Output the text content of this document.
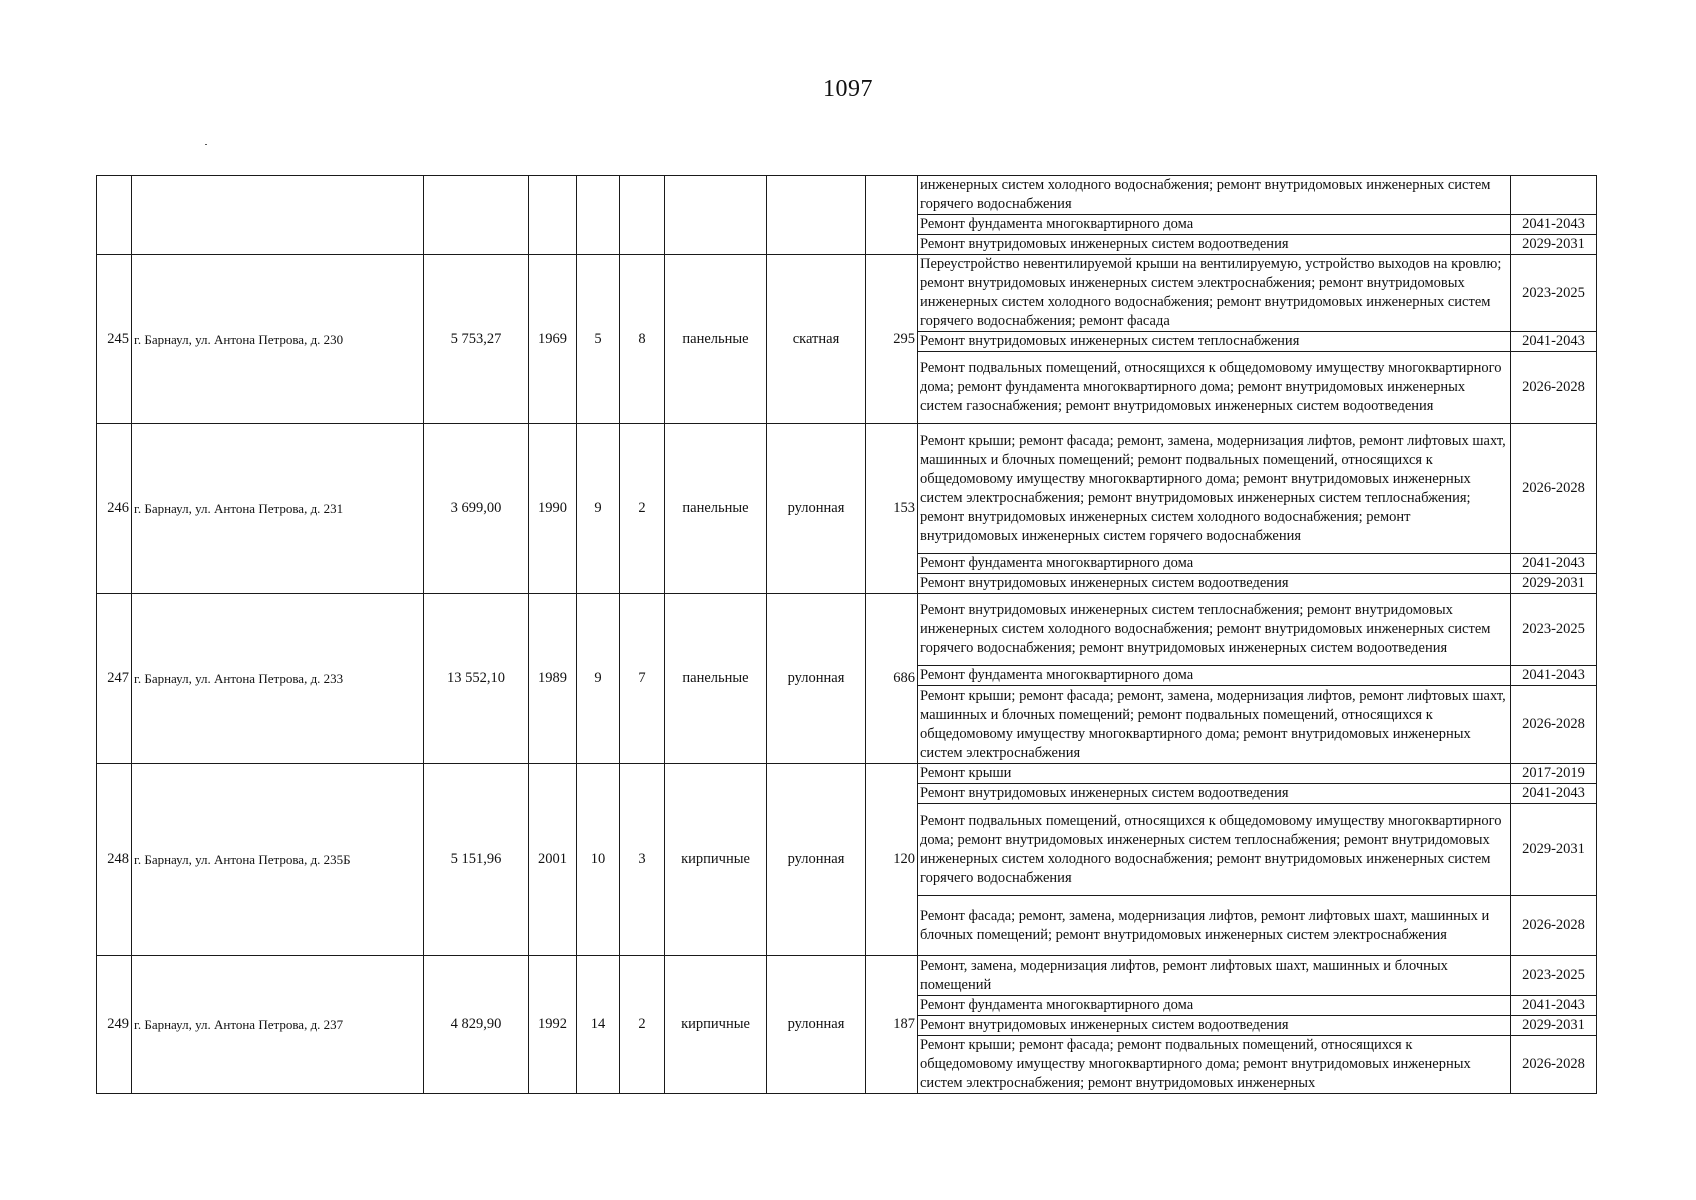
1097
									инженерных систем холодного водоснабжения; ремонт внутридомовых инженерных систем горячего водоснабжения	
									Ремонт фундамента многоквартирного дома	2041-2043
									Ремонт внутридомовых инженерных систем водоотведения	2029-2031
245	г. Барнаул, ул. Антона Петрова, д. 230	5 753,27	1969	5	8	панельные	скатная	295	Переустройство невентилируемой крыши на вентилируемую, устройство выходов на кровлю; ремонт внутридомовых инженерных систем электроснабжения; ремонт внутридомовых инженерных систем холодного водоснабжения; ремонт внутридомовых инженерных систем горячего водоснабжения; ремонт фасада	2023-2025
									Ремонт внутридомовых инженерных систем теплоснабжения	2041-2043
									Ремонт подвальных помещений, относящихся к общедомовому имуществу многоквартирного дома; ремонт фундамента многоквартирного дома; ремонт внутридомовых инженерных систем газоснабжения; ремонт внутридомовых инженерных систем водоотведения	2026-2028
246	г. Барнаул, ул. Антона Петрова, д. 231	3 699,00	1990	9	2	панельные	рулонная	153	Ремонт крыши; ремонт фасада; ремонт, замена, модернизация лифтов, ремонт лифтовых шахт, машинных и блочных помещений; ремонт подвальных помещений, относящихся к общедомовому имуществу многоквартирного дома; ремонт внутридомовых инженерных систем электроснабжения; ремонт внутридомовых инженерных систем теплоснабжения; ремонт внутридомовых инженерных систем холодного водоснабжения; ремонт внутридомовых инженерных систем горячего водоснабжения	2026-2028
									Ремонт фундамента многоквартирного дома	2041-2043
									Ремонт внутридомовых инженерных систем водоотведения	2029-2031
247	г. Барнаул, ул. Антона Петрова, д. 233	13 552,10	1989	9	7	панельные	рулонная	686	Ремонт внутридомовых инженерных систем теплоснабжения; ремонт внутридомовых инженерных систем холодного водоснабжения; ремонт внутридомовых инженерных систем горячего водоснабжения; ремонт внутридомовых инженерных систем водоотведения	2023-2025
									Ремонт фундамента многоквартирного дома	2041-2043
									Ремонт крыши; ремонт фасада; ремонт, замена, модернизация лифтов, ремонт лифтовых шахт, машинных и блочных помещений; ремонт подвальных помещений, относящихся к общедомовому имуществу многоквартирного дома; ремонт внутридомовых инженерных систем электроснабжения	2026-2028
248	г. Барнаул, ул. Антона Петрова, д. 235Б	5 151,96	2001	10	3	кирпичные	рулонная	120	Ремонт крыши	2017-2019
									Ремонт внутридомовых инженерных систем водоотведения	2041-2043
									Ремонт подвальных помещений, относящихся к общедомовому имуществу многоквартирного дома; ремонт внутридомовых инженерных систем теплоснабжения; ремонт внутридомовых инженерных систем холодного водоснабжения; ремонт внутридомовых инженерных систем горячего водоснабжения	2029-2031
									Ремонт фасада; ремонт, замена, модернизация лифтов, ремонт лифтовых шахт, машинных и блочных помещений; ремонт внутридомовых инженерных систем электроснабжения	2026-2028
249	г. Барнаул, ул. Антона Петрова, д. 237	4 829,90	1992	14	2	кирпичные	рулонная	187	Ремонт, замена, модернизация лифтов, ремонт лифтовых шахт, машинных и блочных помещений	2023-2025
									Ремонт фундамента многоквартирного дома	2041-2043
									Ремонт внутридомовых инженерных систем водоотведения	2029-2031
									Ремонт крыши; ремонт фасада; ремонт подвальных помещений, относящихся к общедомовому имуществу многоквартирного дома; ремонт внутридомовых инженерных систем электроснабжения; ремонт внутридомовых инженерных	2026-2028
